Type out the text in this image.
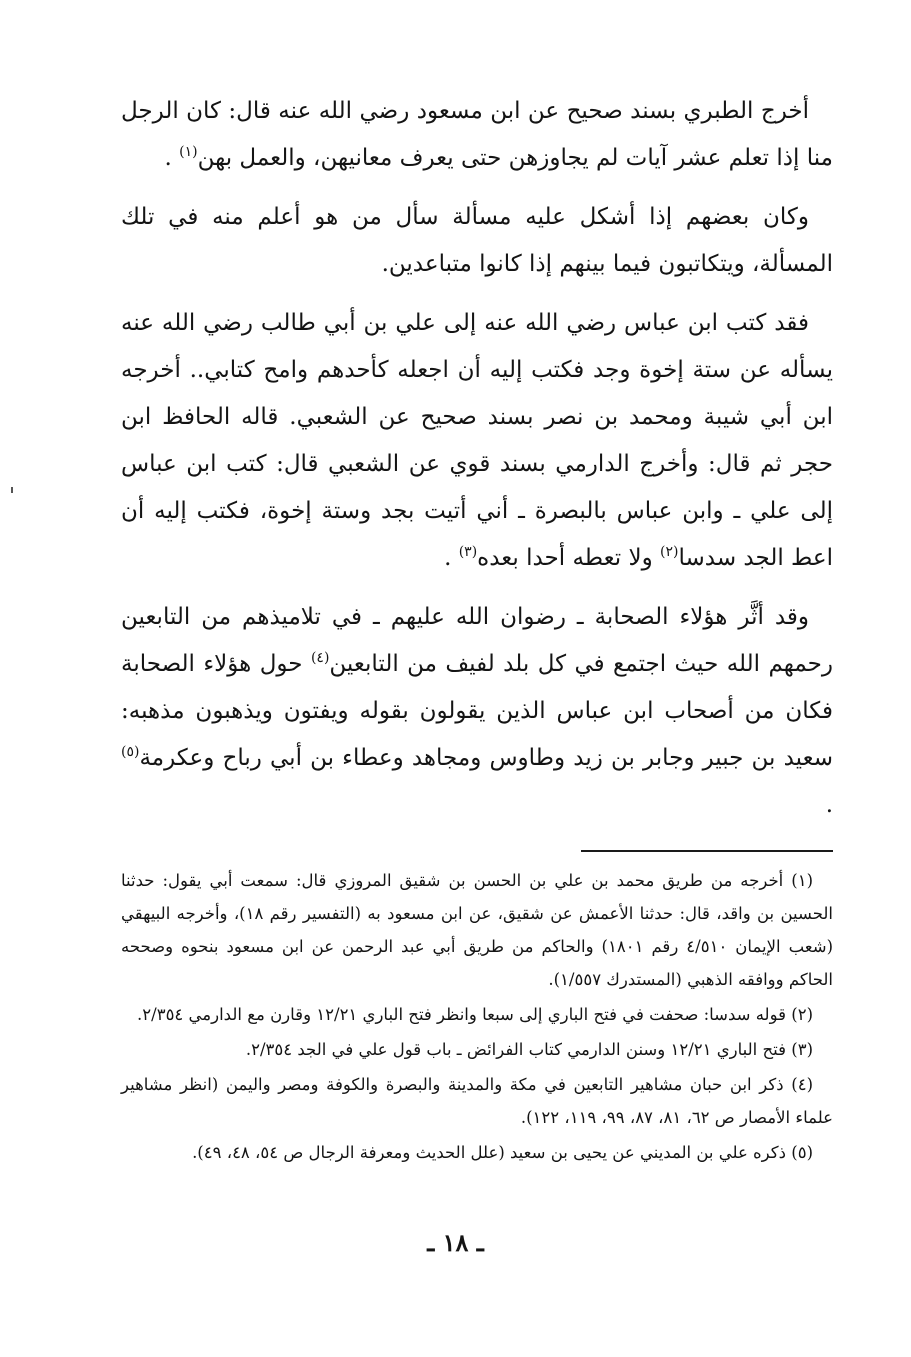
أخرج الطبري بسند صحيح عن ابن مسعود رضي الله عنه قال: كان الرجل منا إذا تعلم عشر آيات لم يجاوزهن حتى يعرف معانيهن، والعمل بهن$^{(١)}$ .

وكان بعضهم إذا أشكل عليه مسألة سأل من هو أعلم منه في تلك المسألة، ويتكاتبون فيما بينهم إذا كانوا متباعدين.

فقد كتب ابن عباس رضي الله عنه إلى علي بن أبي طالب رضي الله عنه يسأله عن ستة إخوة وجد فكتب إليه أن اجعله كأحدهم وامح كتابي.. أخرجه ابن أبي شيبة ومحمد بن نصر بسند صحيح عن الشعبي. قاله الحافظ ابن حجر ثم قال: وأخرج الدارمي بسند قوي عن الشعبي قال: كتب ابن عباس إلى علي ـ وابن عباس بالبصرة ـ أني أتيت بجد وستة إخوة، فكتب إليه أن اعط الجد سدسا$^{(٢)}$ ولا تعطه أحدا بعده$^{(٣)}$ .

وقد أثَّر هؤلاء الصحابة ـ رضوان الله عليهم ـ في تلاميذهم من التابعين رحمهم الله حيث اجتمع في كل بلد لفيف من التابعين$^{(٤)}$ حول هؤلاء الصحابة فكان من أصحاب ابن عباس الذين يقولون بقوله ويفتون ويذهبون مذهبه: سعيد بن جبير وجابر بن زيد وطاوس ومجاهد وعطاء بن أبي رباح وعكرمة$^{(٥)}$ .

(١) أخرجه من طريق محمد بن علي بن الحسن بن شقيق المروزي قال: سمعت أبي يقول: حدثنا الحسين بن واقد، قال: حدثنا الأعمش عن شقيق، عن ابن مسعود به (التفسير رقم ١٨)، وأخرجه البيهقي (شعب الإيمان ٤/٥١٠ رقم ١٨٠١) والحاكم من طريق أبي عبد الرحمن عن ابن مسعود بنحوه وصححه الحاكم ووافقه الذهبي (المستدرك ١/٥٥٧).

(٢) قوله سدسا: صحفت في فتح الباري إلى سبعا وانظر فتح الباري ١٢/٢١ وقارن مع الدارمي ٢/٣٥٤.

(٣) فتح الباري ١٢/٢١ وسنن الدارمي كتاب الفرائض ـ باب قول علي في الجد ٢/٣٥٤.

(٤) ذكر ابن حبان مشاهير التابعين في مكة والمدينة والبصرة والكوفة ومصر واليمن (انظر مشاهير علماء الأمصار ص ٦٢، ٨١، ٨٧، ٩٩، ١١٩، ١٢٢).

(٥) ذكره علي بن المديني عن يحيى بن سعيد (علل الحديث ومعرفة الرجال ص ٥٤، ٤٨، ٤٩).

ـ ١٨ ـ
